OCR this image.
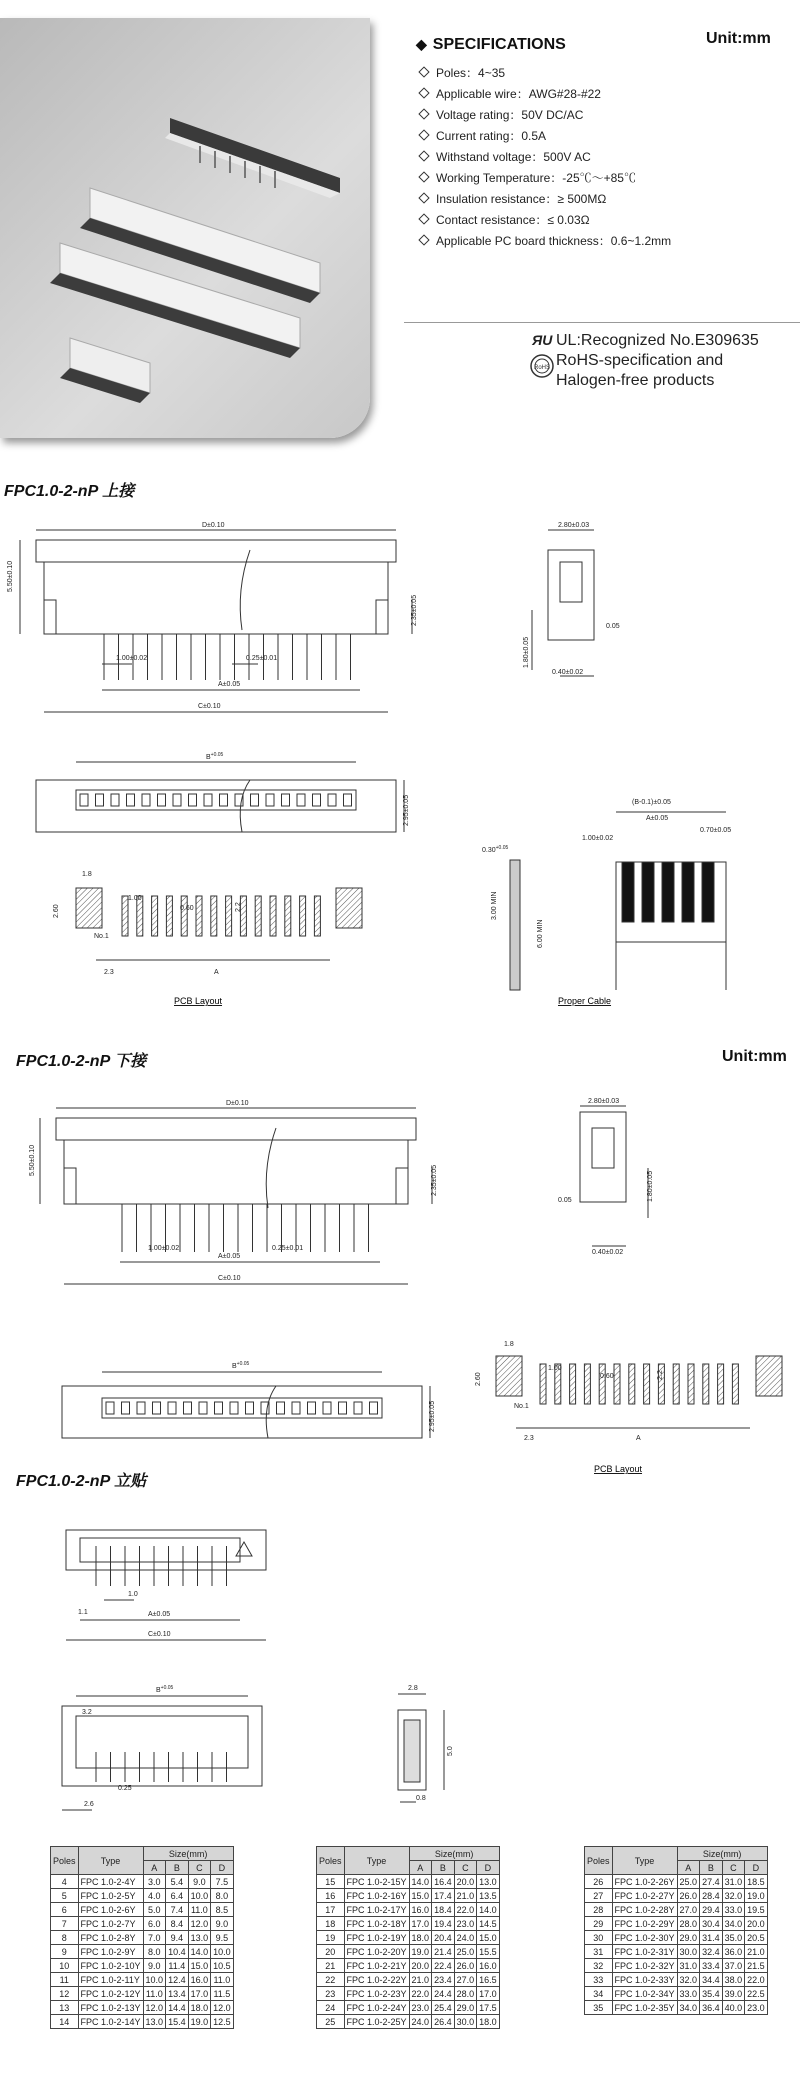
◆ SPECIFICATIONS	Unit:mm
Poles：4~35
Applicable wire：AWG#28-#22
Voltage rating：50V DC/AC
Current rating：0.5A
Withstand voltage：500V AC
Working Temperature：-25℃～+85℃
Insulation resistance：≥ 500MΩ
Contact resistance：≤ 0.03Ω
Applicable PC board thickness：0.6~1.2mm
ЯU UL:Recognized No.E309635
RoHS RoHS-specification and
Halogen-free products
FPC1.0-2-nP 上接
D±0.10
5.50±0.10
2.35±0.05
1.00±0.02	0.25±0.01
A±0.05
C±0.10
2.80±0.03
1.80±0.05
0.05
0.40±0.02
$B^{+0.05}$
2.95±0.05
1.8
2.60
1.00
0.60	2.2
No.1
2.3	A
$0.30^{+0.05}$
3.00 MIN
6.00 MIN
(B-0.1)±0.05
A±0.05
1.00±0.02
0.70±0.05
PCB Layout	Proper Cable
FPC1.0-2-nP 下接	Unit:mm
D±0.10
5.50±0.10
2.35±0.05
1.00±0.02	0.25±0.01
A±0.05
C±0.10
2.80±0.03
1.80±0.05
0.05
0.40±0.02
$B^{+0.05}$
2.95±0.05
1.8
2.60
1.00
0.60	2.2
No.1
2.3	A
PCB Layout
FPC1.0-2-nP 立贴
1.0
1.1	A±0.05
C±0.10
$B^{+0.05}$
3.2
0.25
2.6
2.8
5.0
0.8
Poles	Type	Size(mm)			
		A	B	C	D
4	FPC 1.0-2-4Y	3.0	5.4	9.0	7.5
5	FPC 1.0-2-5Y	4.0	6.4	10.0	8.0
6	FPC 1.0-2-6Y	5.0	7.4	11.0	8.5
7	FPC 1.0-2-7Y	6.0	8.4	12.0	9.0
8	FPC 1.0-2-8Y	7.0	9.4	13.0	9.5
9	FPC 1.0-2-9Y	8.0	10.4	14.0	10.0
10	FPC 1.0-2-10Y	9.0	11.4	15.0	10.5
11	FPC 1.0-2-11Y	10.0	12.4	16.0	11.0
12	FPC 1.0-2-12Y	11.0	13.4	17.0	11.5
13	FPC 1.0-2-13Y	12.0	14.4	18.0	12.0
14	FPC 1.0-2-14Y	13.0	15.4	19.0	12.5
Poles	Type	Size(mm)			
		A	B	C	D
15	FPC 1.0-2-15Y	14.0	16.4	20.0	13.0
16	FPC 1.0-2-16Y	15.0	17.4	21.0	13.5
17	FPC 1.0-2-17Y	16.0	18.4	22.0	14.0
18	FPC 1.0-2-18Y	17.0	19.4	23.0	14.5
19	FPC 1.0-2-19Y	18.0	20.4	24.0	15.0
20	FPC 1.0-2-20Y	19.0	21.4	25.0	15.5
21	FPC 1.0-2-21Y	20.0	22.4	26.0	16.0
22	FPC 1.0-2-22Y	21.0	23.4	27.0	16.5
23	FPC 1.0-2-23Y	22.0	24.4	28.0	17.0
24	FPC 1.0-2-24Y	23.0	25.4	29.0	17.5
25	FPC 1.0-2-25Y	24.0	26.4	30.0	18.0
Poles	Type	Size(mm)			
		A	B	C	D
26	FPC 1.0-2-26Y	25.0	27.4	31.0	18.5
27	FPC 1.0-2-27Y	26.0	28.4	32.0	19.0
28	FPC 1.0-2-28Y	27.0	29.4	33.0	19.5
29	FPC 1.0-2-29Y	28.0	30.4	34.0	20.0
30	FPC 1.0-2-30Y	29.0	31.4	35.0	20.5
31	FPC 1.0-2-31Y	30.0	32.4	36.0	21.0
32	FPC 1.0-2-32Y	31.0	33.4	37.0	21.5
33	FPC 1.0-2-33Y	32.0	34.4	38.0	22.0
34	FPC 1.0-2-34Y	33.0	35.4	39.0	22.5
35	FPC 1.0-2-35Y	34.0	36.4	40.0	23.0
